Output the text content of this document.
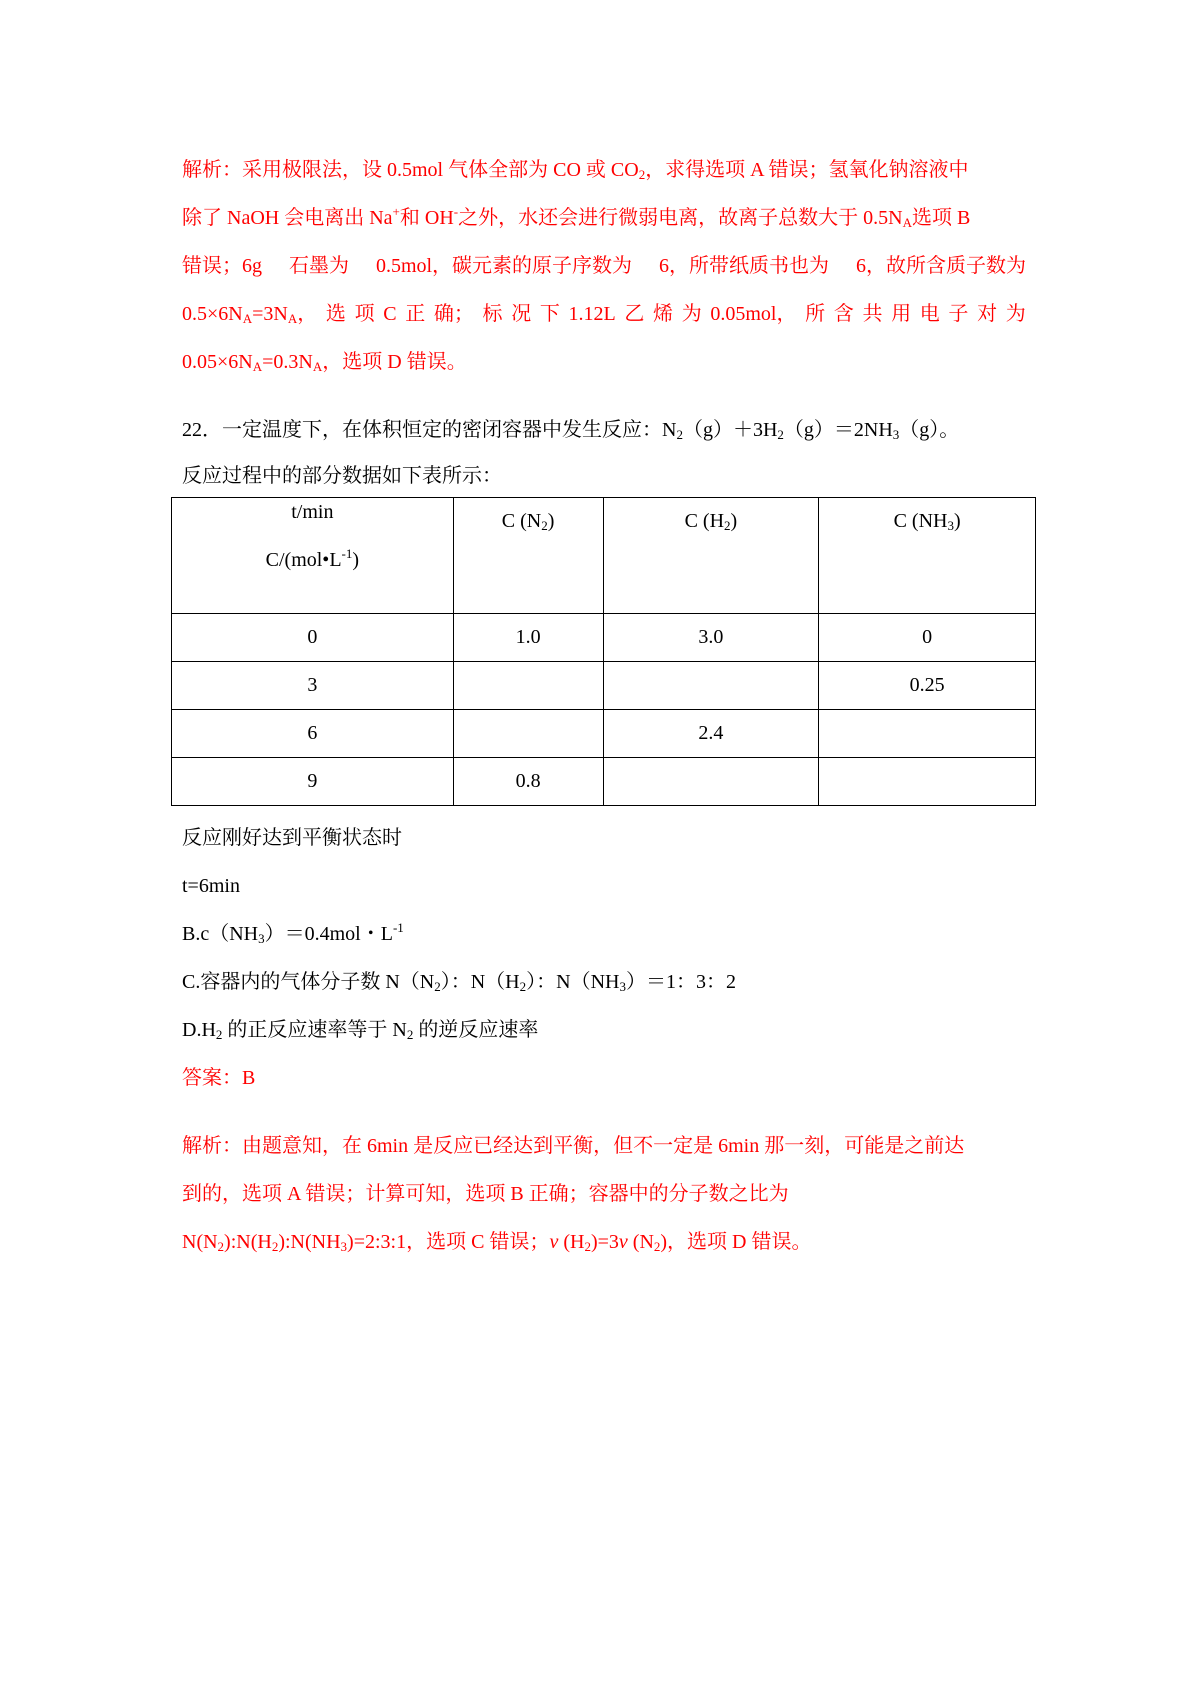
解析：采用极限法，设 0.5mol 气体全部为 CO 或 $CO_2$，求得选项 A 错误；氢氧化钠溶液中
除了 NaOH 会电离出 Na+和 OH-之外，水还会进行微弱电离，故离子总数大于 $0.5N_A$选项 B
错误；6g 石墨为 0.5mol，碳元素的原子序数为 6，所带纸质书也为 6，故所含质子数为
$0.5\times 6N_A=3N_A$， 选 项 C 正 确； 标 况 下 1.12L 乙 烯 为 0.05mol， 所 含 共 用 电 子 对 为
$0.05\times 6N_A=0.3N_A$，选项 D 错误。
22．一定温度下，在体积恒定的密闭容器中发生反应：$N_2(g)+3H_2(g)=2NH_3(g)$。
反应过程中的部分数据如下表所示：
t/min
$C/(mol•L^{-1})$	C $(N_2)$	C $(H_2)$	C $(NH_3)$
0	1.0	3.0	0
3			0.25
6		2.4	
9	0.8		
反应刚好达到平衡状态时
t=6min
$B.c(NH_3)=0.4mol$・$L^{-1}$
C.容器内的气体分子数 $N(N_2)$：$N(H_2)$：$N(NH_3)=1$：3：2
$D.H_2$ 的正反应速率等于 $N_2$ 的逆反应速率
答案：B
解析：由题意知，在 6min 是反应已经达到平衡，但不一定是 6min 那一刻，可能是之前达
到的，选项 A 错误；计算可知，选项 B 正确；容器中的分子数之比为
$N(N_2):N(H_2):N(NH_3)=2:3:1$，选项 C 错误；v $(H_2)=3v$ $(N_2)$，选项 D 错误。
